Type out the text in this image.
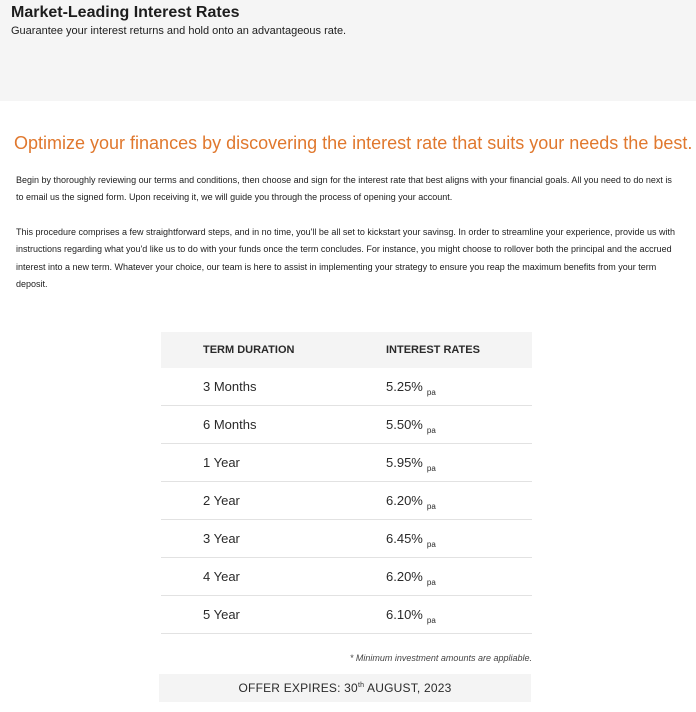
Market-Leading Interest Rates

Guarantee your interest returns and hold onto an advantageous rate.

Optimize your finances by discovering the interest rate that suits your needs the best.

Begin by thoroughly reviewing our terms and conditions, then choose and sign for the interest rate that best aligns with your financial goals. All you need to do next is to email us the signed form. Upon receiving it, we will guide you through the process of opening your account.

This procedure comprises a few straightforward steps, and in no time, you'll be all set to kickstart your savinsg. In order to streamline your experience, provide us with instructions regarding what you'd like us to do with your funds once the term concludes. For instance, you might choose to rollover both the principal and the accrued interest into a new term. Whatever your choice, our team is here to assist in implementing your strategy to ensure you reap the maximum benefits from your term deposit.

TERM DURATION	INTEREST RATES
3 Months	5.25% $_{pa}$
6 Months	5.50% $_{pa}$
1 Year	5.95% $_{pa}$
2 Year	6.20% $_{pa}$
3 Year	6.45% $_{pa}$
4 Year	6.20% $_{pa}$
5 Year	6.10% $_{pa}$

* Minimum investment amounts are appliable.

OFFER EXPIRES: 30th AUGUST, 2023
